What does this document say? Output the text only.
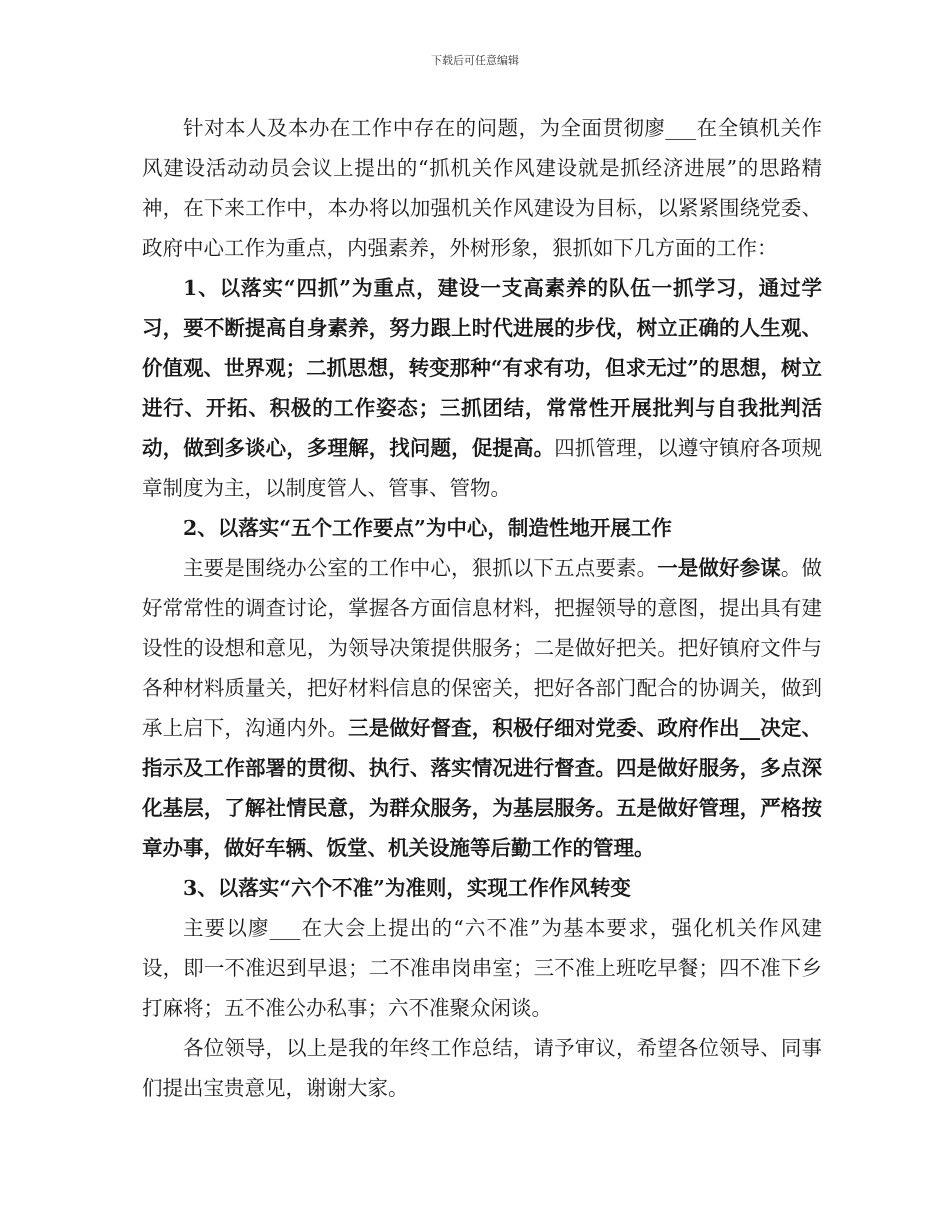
下载后可任意编辑

针对本人及本办在工作中存在的问题，为全面贯彻廖___在全镇机关作风建设活动动员会议上提出的“抓机关作风建设就是抓经济进展”的思路精神，在下来工作中，本办将以加强机关作风建设为目标，以紧紧围绕党委、政府中心工作为重点，内强素养，外树形象，狠抓如下几方面的工作：

1、以落实“四抓”为重点，建设一支高素养的队伍一抓学习，通过学习，要不断提高自身素养，努力跟上时代进展的步伐，树立正确的人生观、价值观、世界观；二抓思想，转变那种“有求有功，但求无过”的思想，树立进行、开拓、积极的工作姿态；三抓团结，常常性开展批判与自我批判活动，做到多谈心，多理解，找问题，促提高。四抓管理，以遵守镇府各项规章制度为主，以制度管人、管事、管物。

2、以落实“五个工作要点”为中心，制造性地开展工作

主要是围绕办公室的工作中心，狠抓以下五点要素。一是做好参谋。做好常常性的调查讨论，掌握各方面信息材料，把握领导的意图，提出具有建设性的设想和意见，为领导决策提供服务；二是做好把关。把好镇府文件与各种材料质量关，把好材料信息的保密关，把好各部门配合的协调关，做到承上启下，沟通内外。三是做好督查，积极仔细对党委、政府作出__决定、指示及工作部署的贯彻、执行、落实情况进行督查。四是做好服务，多点深化基层，了解社情民意，为群众服务，为基层服务。五是做好管理，严格按章办事，做好车辆、饭堂、机关设施等后勤工作的管理。

3、以落实“六个不准”为准则，实现工作作风转变

主要以廖___在大会上提出的“六不准”为基本要求，强化机关作风建设，即一不准迟到早退；二不准串岗串室；三不准上班吃早餐；四不准下乡打麻将；五不准公办私事；六不准聚众闲谈。

各位领导，以上是我的年终工作总结，请予审议，希望各位领导、同事们提出宝贵意见，谢谢大家。
